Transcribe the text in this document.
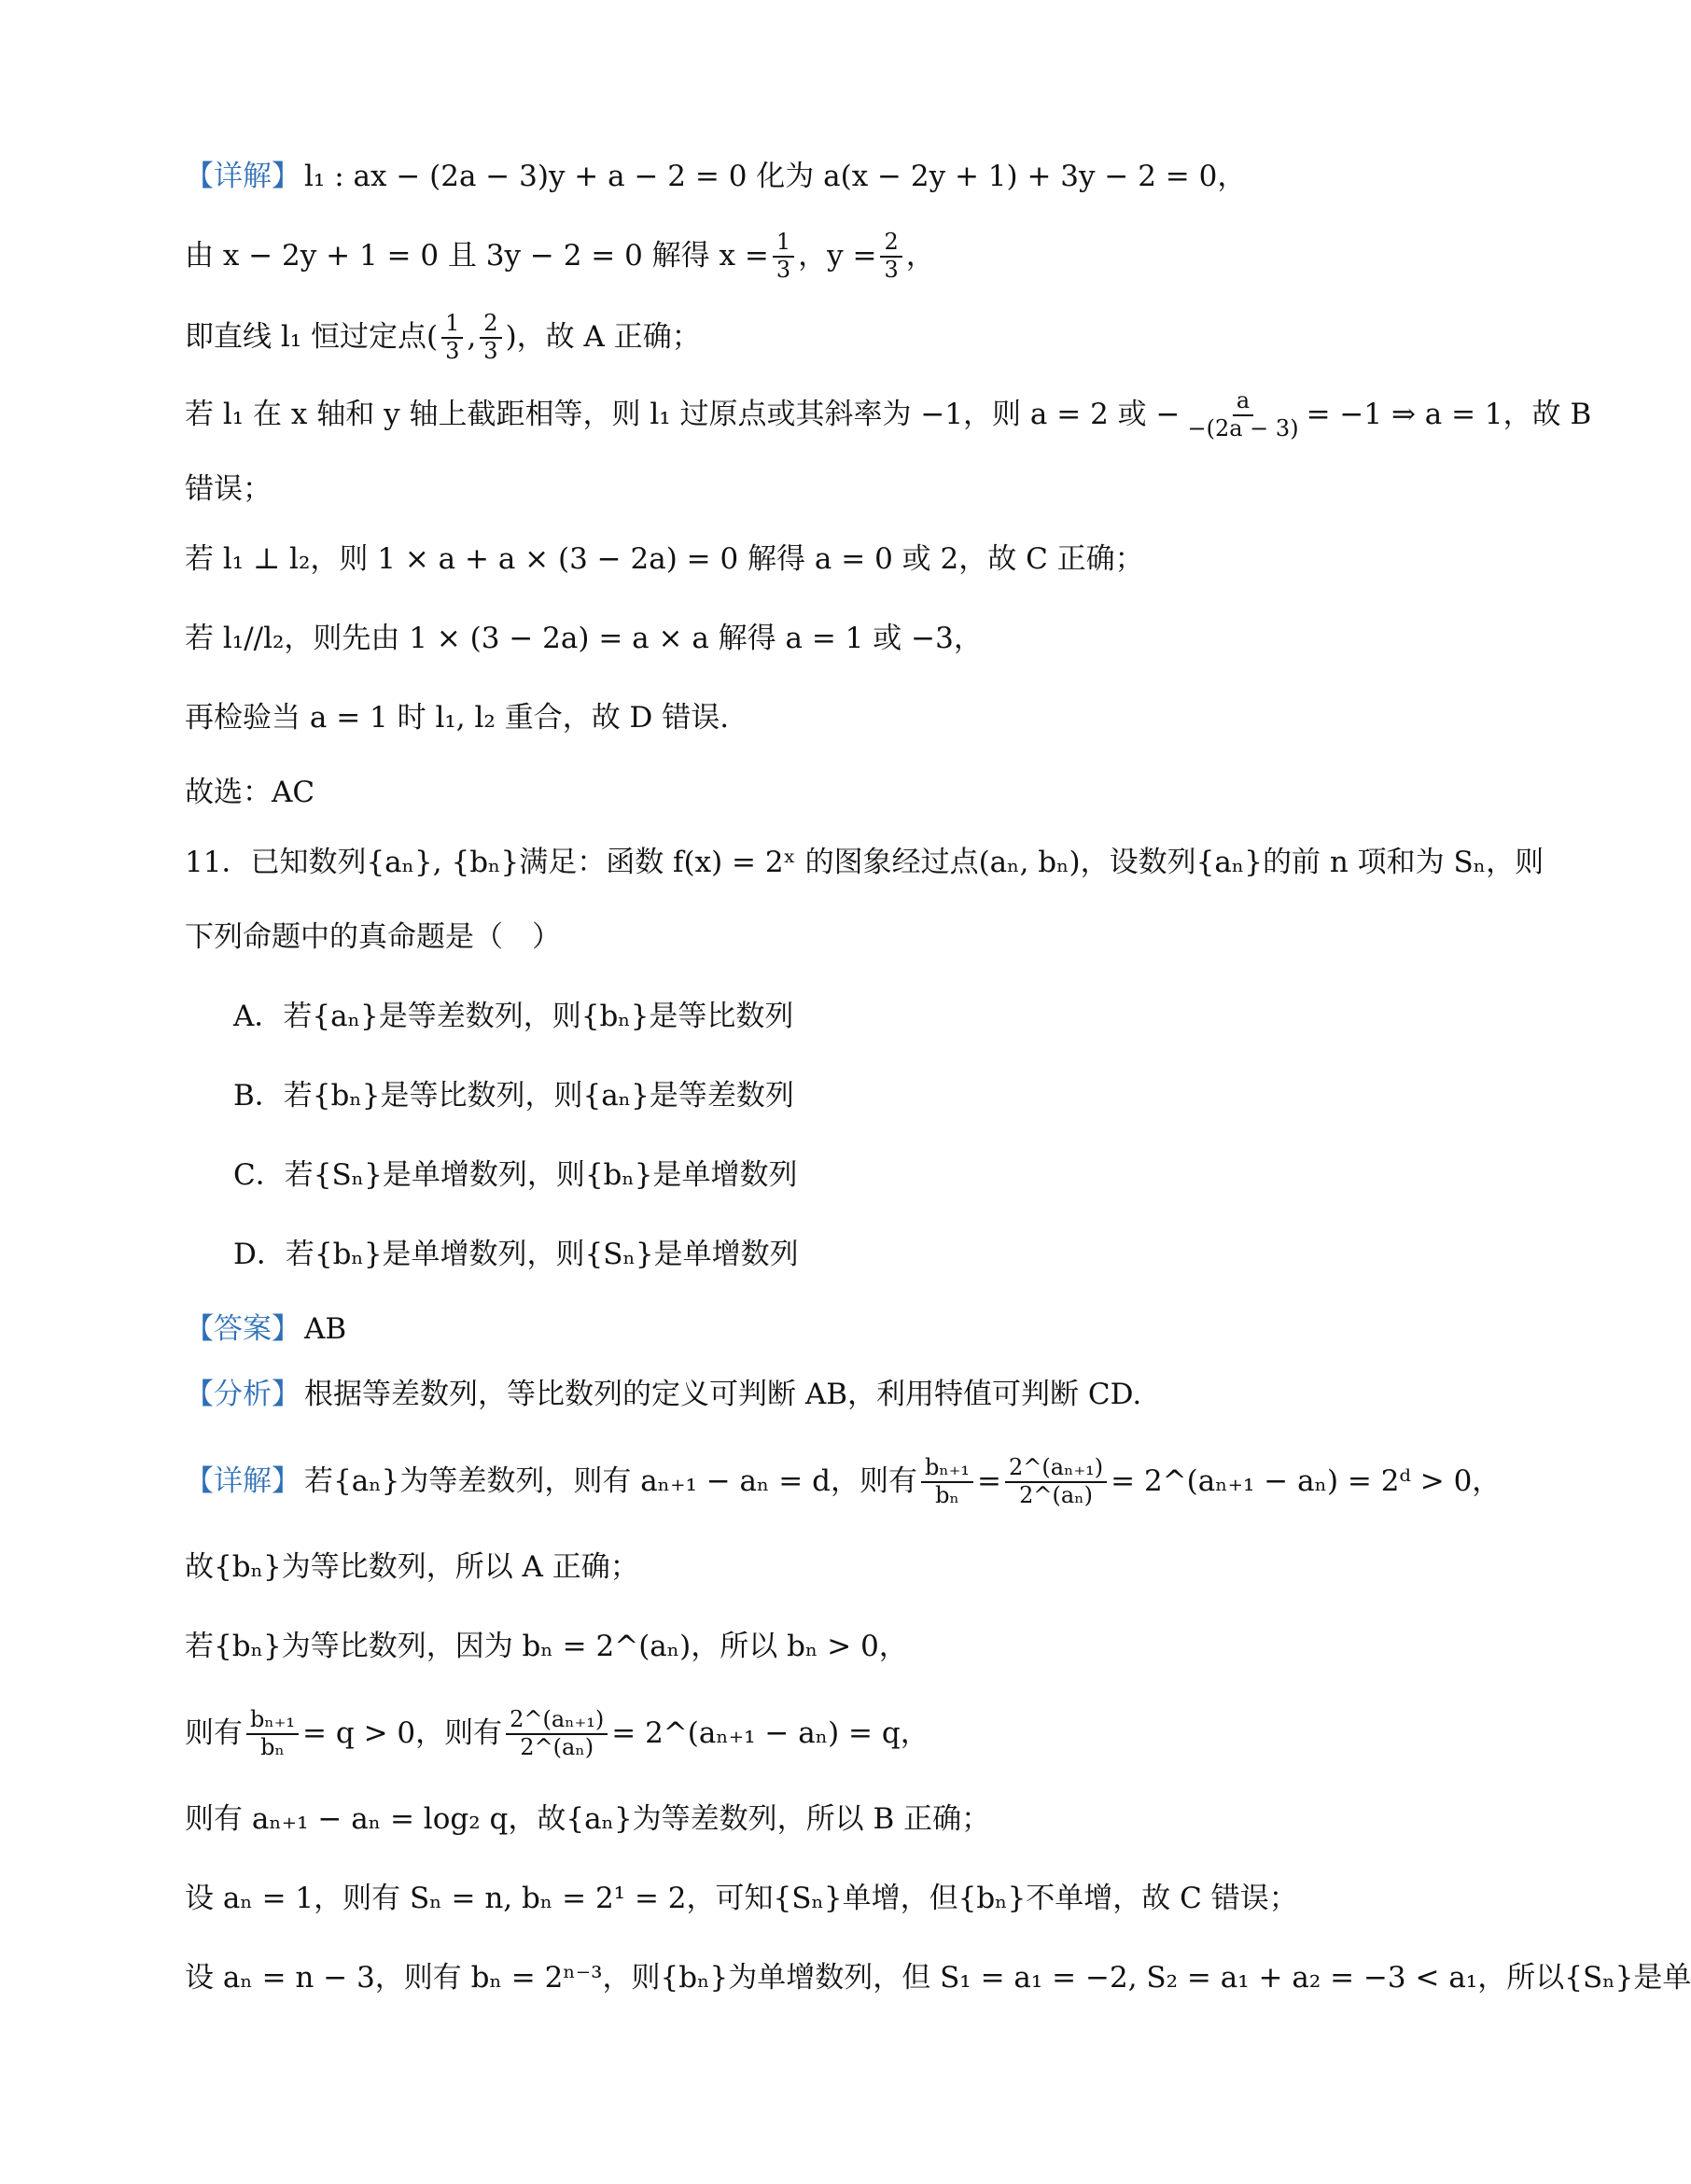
【详解】 l₁ : ax − (2a − 3)y + a − 2 = 0 化为 a(x − 2y + 1) + 3y − 2 = 0，
由 x − 2y + 1 = 0 且 3y − 2 = 0 解得 $x = \frac{1}{3}$ ，$y = \frac{2}{3}$ ，
即直线 l₁ 恒过定点( $\frac{1}{3}$ , $\frac{2}{3}$ )，故 A 正确；
若 l₁ 在 x 轴和 y 轴上截距相等，则 l₁ 过原点或其斜率为 −1，则 a = 2 或 − $\frac{a}{-(2a - 3)} = -1$ ⇒ a = 1，故 B
错误；
若 l₁ ⊥ l₂，则 1 × a + a × (3 − 2a) = 0 解得 a = 0 或 2，故 C 正确；
若 l₁//l₂，则先由 1 × (3 − 2a) = a × a 解得 a = 1 或 −3，
再检验当 a = 1 时 l₁, l₂ 重合，故 D 错误.
故选：AC
11．已知数列{aₙ}, {bₙ}满足：函数 f(x) = 2ˣ 的图象经过点(aₙ, bₙ)，设数列{aₙ}的前 n 项和为 Sₙ，则
下列命题中的真命题是（　）
A．若{aₙ}是等差数列，则{bₙ}是等比数列
B．若{bₙ}是等比数列，则{aₙ}是等差数列
C．若{Sₙ}是单增数列，则{bₙ}是单增数列
D．若{bₙ}是单增数列，则{Sₙ}是单增数列
【答案】 AB
【分析】 根据等差数列，等比数列的定义可判断 AB，利用特值可判断 CD.
【详解】 若{aₙ}为等差数列，则有 aₙ₊₁ − aₙ = d，则有 $\frac{\text{bₙ₊₁}}{\text{bₙ}} = \frac{\text{2\textasciicircum{}(aₙ₊₁)}}{\text{2\textasciicircum{}(aₙ)}}$ = 2^(aₙ₊₁ − aₙ) = 2ᵈ > 0，
故{bₙ}为等比数列，所以 A 正确；
若{bₙ}为等比数列，因为 bₙ = 2^(aₙ)，所以 bₙ > 0，
则有 $\frac{\text{bₙ₊₁}}{\text{bₙ}} = q > 0$，则有 $\frac{\text{2\textasciicircum{}(aₙ₊₁)}}{\text{2\textasciicircum{}(aₙ)}}$ = 2^(aₙ₊₁ − aₙ) = q，
则有 aₙ₊₁ − aₙ = log₂ q，故{aₙ}为等差数列，所以 B 正确；
设 aₙ = 1，则有 Sₙ = n, bₙ = 2¹ = 2，可知{Sₙ}单增，但{bₙ}不单增，故 C 错误；
设 aₙ = n − 3，则有 bₙ = 2ⁿ⁻³，则{bₙ}为单增数列，但 S₁ = a₁ = −2, S₂ = a₁ + a₂ = −3 < a₁，所以{Sₙ}是单
